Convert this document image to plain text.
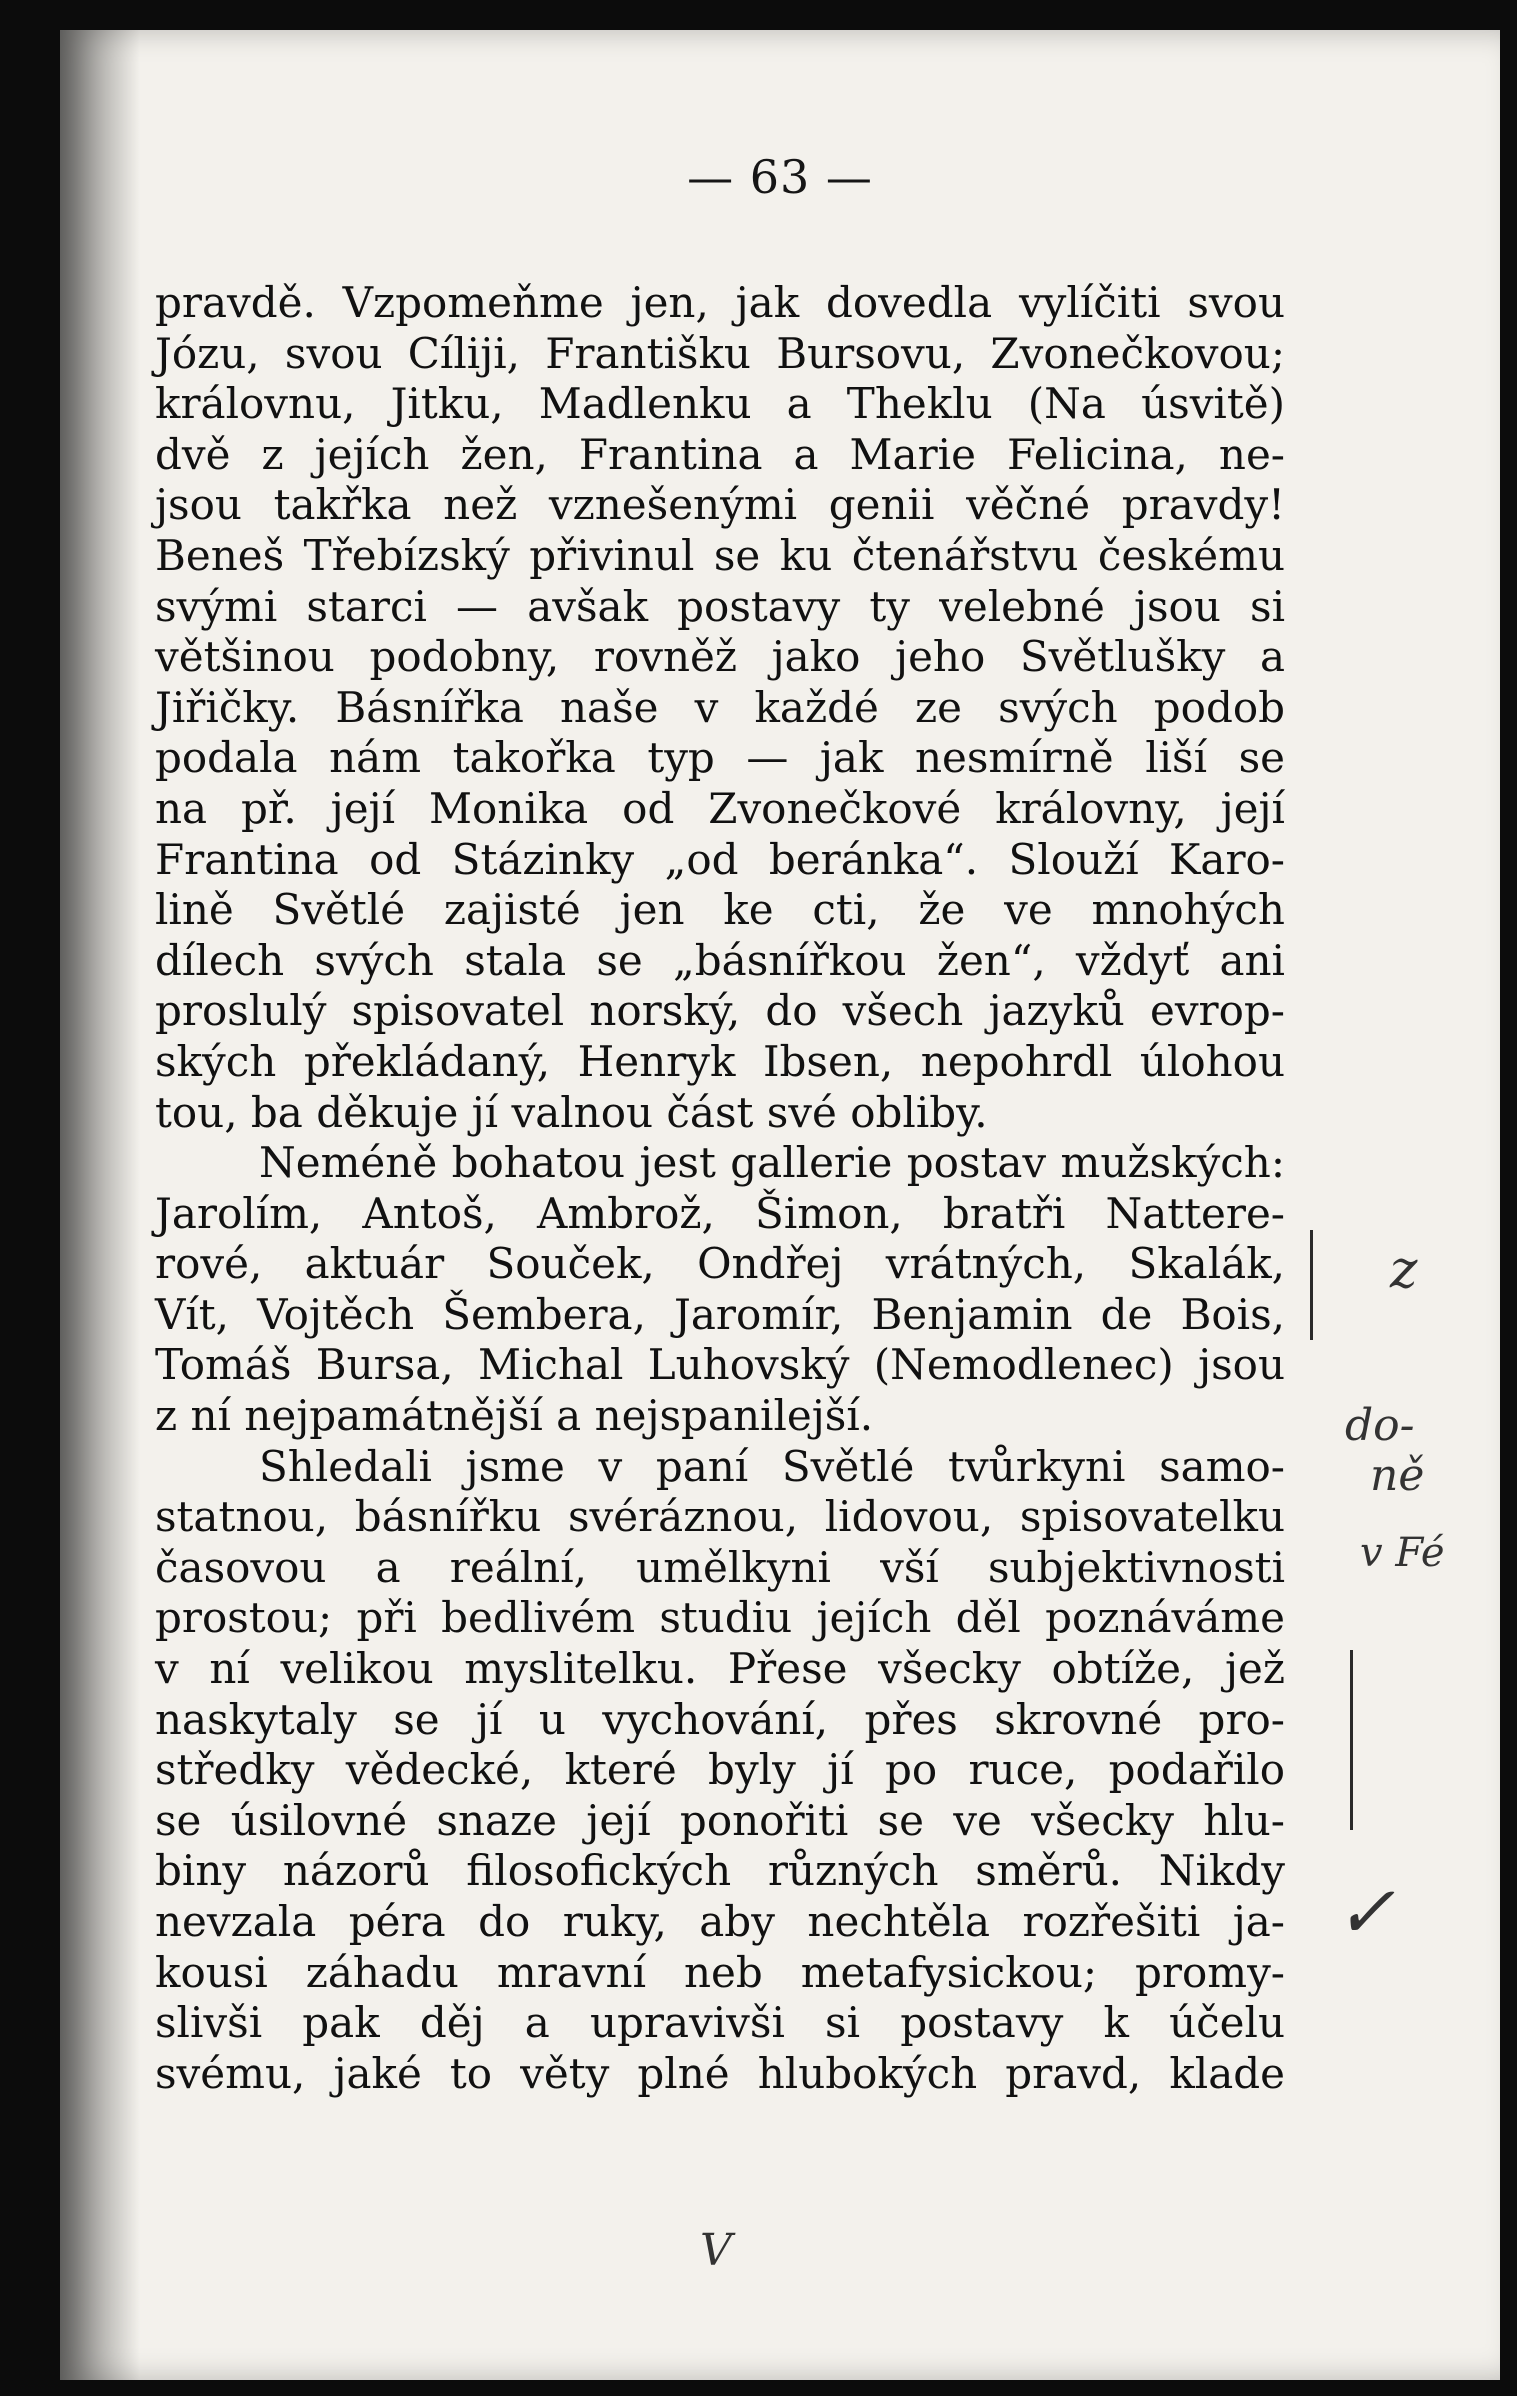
— 63 —
pravdě. Vzpomeňme jen, jak dovedla vylíčiti svou
Józu, svou Cíliji, Františku Bursovu, Zvonečkovou;
královnu, Jitku, Madlenku a Theklu (Na úsvitě)
dvě z jejích žen, Frantina a Marie Felicina, ne-
jsou takřka než vznešenými genii věčné pravdy!
Beneš Třebízský přivinul se ku čtenářstvu českému
svými starci — avšak postavy ty velebné jsou si
většinou podobny, rovněž jako jeho Světlušky a
Jiřičky. Básnířka naše v každé ze svých podob
podala nám takořka typ — jak nesmírně liší se
na př. její Monika od Zvonečkové královny, její
Frantina od Stázinky „od beránka“. Slouží Karo-
lině Světlé zajisté jen ke cti, že ve mnohých
dílech svých stala se „básnířkou žen“, vždyť ani
proslulý spisovatel norský, do všech jazyků evrop-
ských překládaný, Henryk Ibsen, nepohrdl úlohou
tou, ba děkuje jí valnou část své obliby.
Neméně bohatou jest gallerie postav mužských:
Jarolím, Antoš, Ambrož, Šimon, bratři Nattere-
rové, aktuár Souček, Ondřej vrátných, Skalák,
Vít, Vojtěch Šembera, Jaromír, Benjamin de Bois,
Tomáš Bursa, Michal Luhovský (Nemodlenec) jsou
z ní nejpamátnější a nejspanilejší.
Shledali jsme v paní Světlé tvůrkyni samo-
statnou, básnířku svéráznou, lidovou, spisovatelku
časovou a reální, umělkyni vší subjektivnosti
prostou; při bedlivém studiu jejích děl poznáváme
v ní velikou myslitelku. Přese všecky obtíže, jež
naskytaly se jí u vychování, přes skrovné pro-
středky vědecké, které byly jí po ruce, podařilo
se úsilovné snaze její ponořiti se ve všecky hlu-
biny názorů filosofických různých směrů. Nikdy
nevzala péra do ruky, aby nechtěla rozřešiti ja-
kousi záhadu mravní neb metafysickou; promy-
slivši pak děj a upravivši si postavy k účelu
svému, jaké to věty plné hlubokých pravd, klade
z
do-
ně
v Fé
✓
V
